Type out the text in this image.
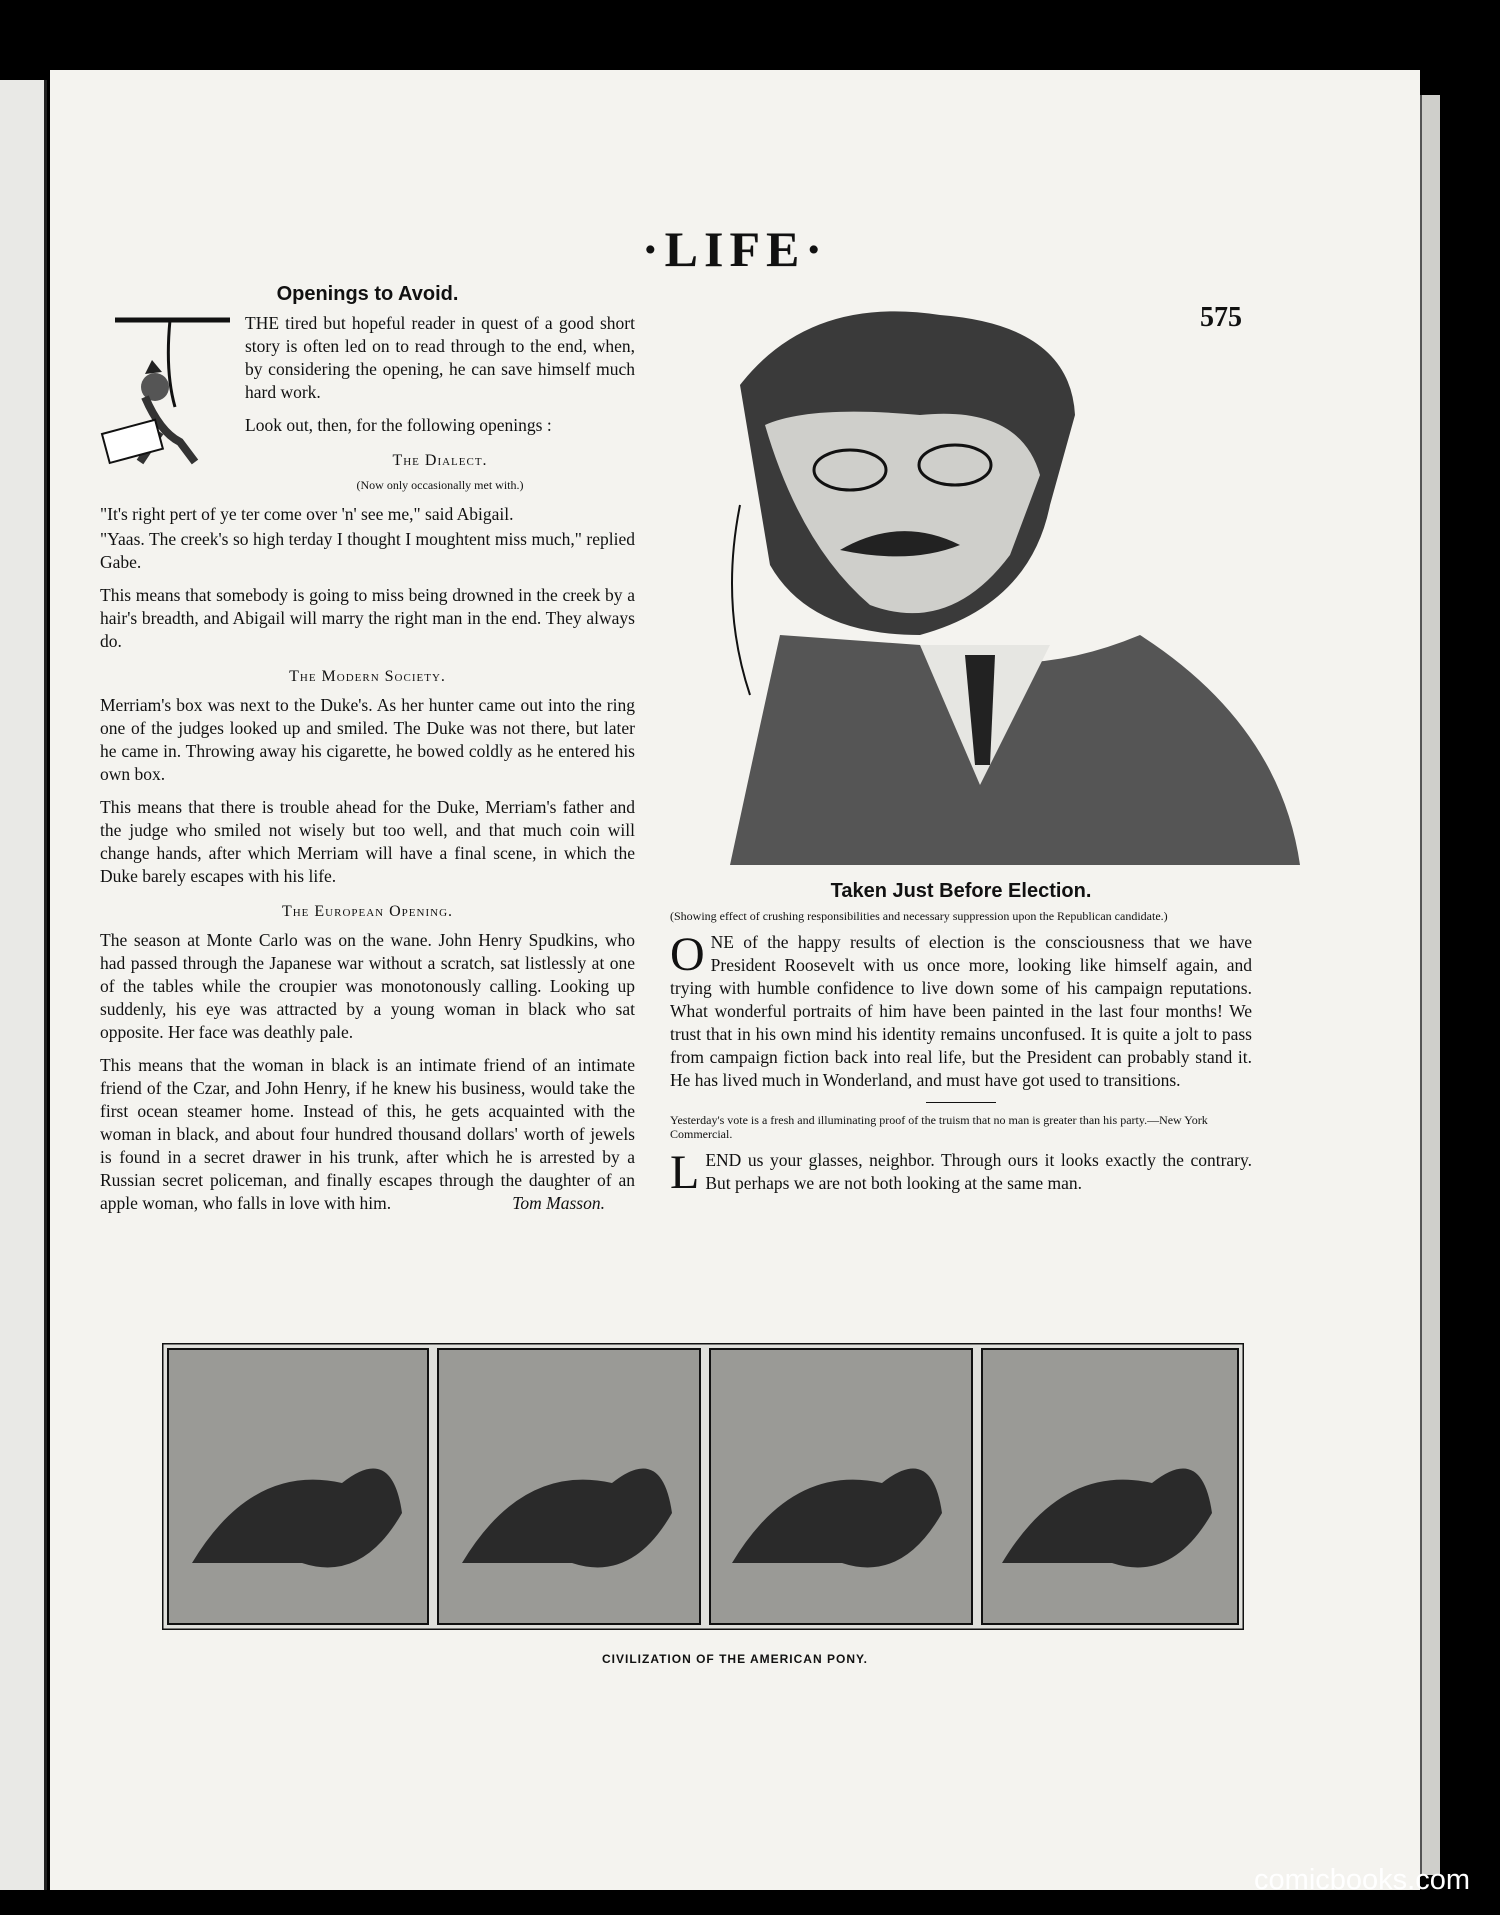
·LIFE·
575
Openings to Avoid.

THE tired but hopeful reader in quest of a good short story is often led on to read through to the end, when, by considering the opening, he can save himself much hard work.

Look out, then, for the following openings :

The Dialect.
(Now only occasionally met with.)

"It's right pert of ye ter come over 'n' see me," said Abigail.

"Yaas. The creek's so high terday I thought I moughtent miss much," replied Gabe.

This means that somebody is going to miss being drowned in the creek by a hair's breadth, and Abigail will marry the right man in the end. They always do.

The Modern Society.

Merriam's box was next to the Duke's. As her hunter came out into the ring one of the judges looked up and smiled. The Duke was not there, but later he came in. Throwing away his cigarette, he bowed coldly as he entered his own box.

This means that there is trouble ahead for the Duke, Merriam's father and the judge who smiled not wisely but too well, and that much coin will change hands, after which Merriam will have a final scene, in which the Duke barely escapes with his life.

The European Opening.

The season at Monte Carlo was on the wane. John Henry Spudkins, who had passed through the Japanese war without a scratch, sat listlessly at one of the tables while the croupier was monotonously calling. Looking up suddenly, his eye was attracted by a young woman in black who sat opposite. Her face was deathly pale.

This means that the woman in black is an intimate friend of an intimate friend of the Czar, and John Henry, if he knew his business, would take the first ocean steamer home. Instead of this, he gets acquainted with the woman in black, and about four hundred thousand dollars' worth of jewels is found in a secret drawer in his trunk, after which he is arrested by a Russian secret policeman, and finally escapes through the daughter of an apple woman, who falls in love with him.	Tom Masson.
Taken Just Before Election.
(Showing effect of crushing responsibilities and necessary suppression upon the Republican candidate.)

ONE of the happy results of election is the consciousness that we have President Roosevelt with us once more, looking like himself again, and trying with humble confidence to live down some of his campaign reputations. What wonderful portraits of him have been painted in the last four months! We trust that in his own mind his identity remains unconfused. It is quite a jolt to pass from campaign fiction back into real life, but the President can probably stand it. He has lived much in Wonderland, and must have got used to transitions.

Yesterday's vote is a fresh and illuminating proof of the truism that no man is greater than his party.—New York Commercial.

LEND us your glasses, neighbor. Through ours it looks exactly the contrary. But perhaps we are not both looking at the same man.

CIVILIZATION OF THE AMERICAN PONY.
comicbooks.com
